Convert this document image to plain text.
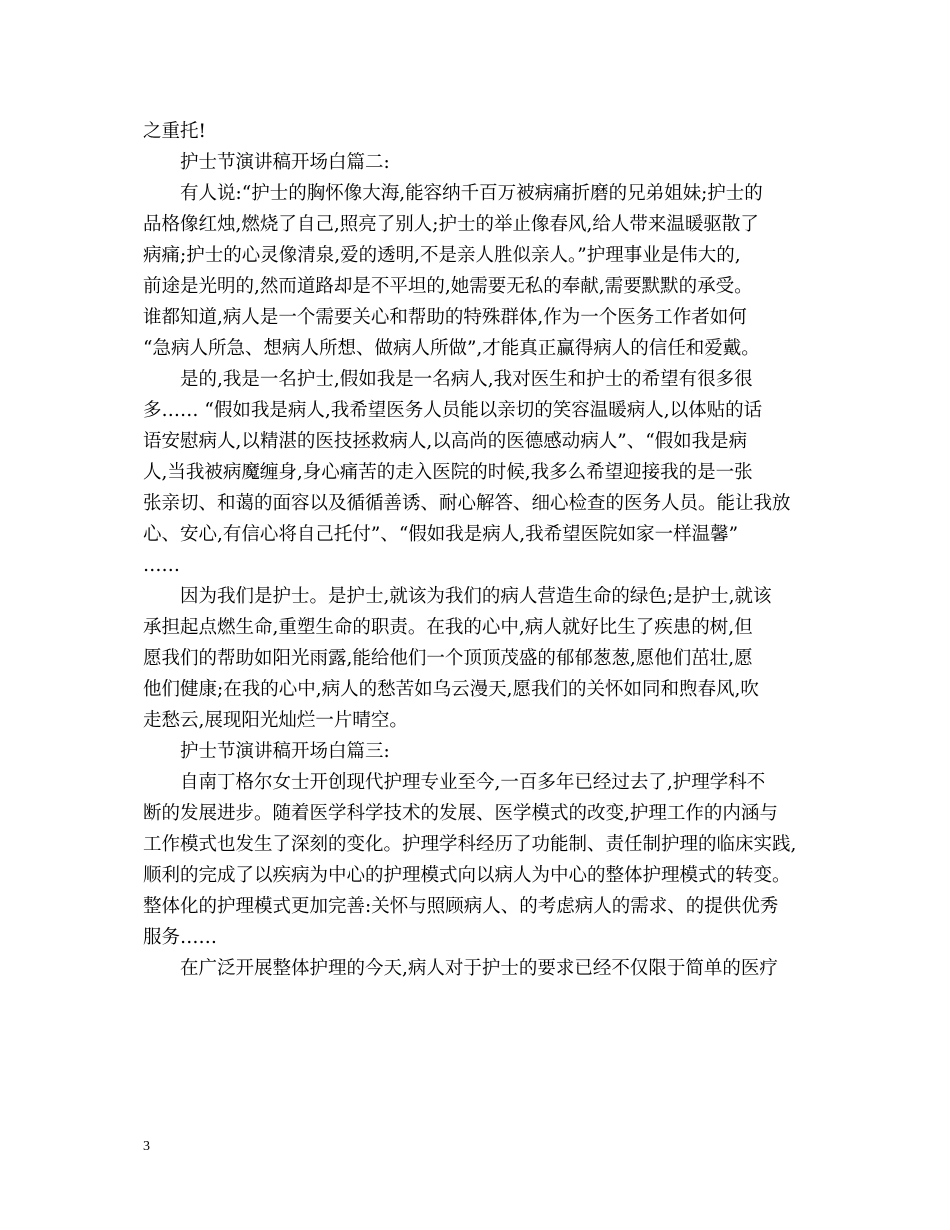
之重托!
护士节演讲稿开场白篇二:
有人说:“护士的胸怀像大海,能容纳千百万被病痛折磨的兄弟姐妹;护士的
品格像红烛,燃烧了自己,照亮了别人;护士的举止像春风,给人带来温暖驱散了
病痛;护士的心灵像清泉,爱的透明,不是亲人胜似亲人。”护理事业是伟大的,
前途是光明的,然而道路却是不平坦的,她需要无私的奉献,需要默默的承受。
谁都知道,病人是一个需要关心和帮助的特殊群体,作为一个医务工作者如何
“急病人所急、想病人所想、做病人所做”,才能真正赢得病人的信任和爱戴。
是的,我是一名护士,假如我是一名病人,我对医生和护士的希望有很多很
多…… “假如我是病人,我希望医务人员能以亲切的笑容温暖病人,以体贴的话
语安慰病人,以精湛的医技拯救病人,以高尚的医德感动病人”、“假如我是病
人,当我被病魔缠身,身心痛苦的走入医院的时候,我多么希望迎接我的是一张
张亲切、和蔼的面容以及循循善诱、耐心解答、细心检查的医务人员。能让我放
心、安心,有信心将自己托付”、“假如我是病人,我希望医院如家一样温馨”
……
因为我们是护士。是护士,就该为我们的病人营造生命的绿色;是护士,就该
承担起点燃生命,重塑生命的职责。在我的心中,病人就好比生了疾患的树,但
愿我们的帮助如阳光雨露,能给他们一个顶顶茂盛的郁郁葱葱,愿他们茁壮,愿
他们健康;在我的心中,病人的愁苦如乌云漫天,愿我们的关怀如同和煦春风,吹
走愁云,展现阳光灿烂一片晴空。
护士节演讲稿开场白篇三:
自南丁格尔女士开创现代护理专业至今,一百多年已经过去了,护理学科不
断的发展进步。随着医学科学技术的发展、医学模式的改变,护理工作的内涵与
工作模式也发生了深刻的变化。护理学科经历了功能制、责任制护理的临床实践,
顺利的完成了以疾病为中心的护理模式向以病人为中心的整体护理模式的转变。
整体化的护理模式更加完善:关怀与照顾病人、的考虑病人的需求、的提供优秀
服务……
在广泛开展整体护理的今天,病人对于护士的要求已经不仅限于简单的医疗
3
